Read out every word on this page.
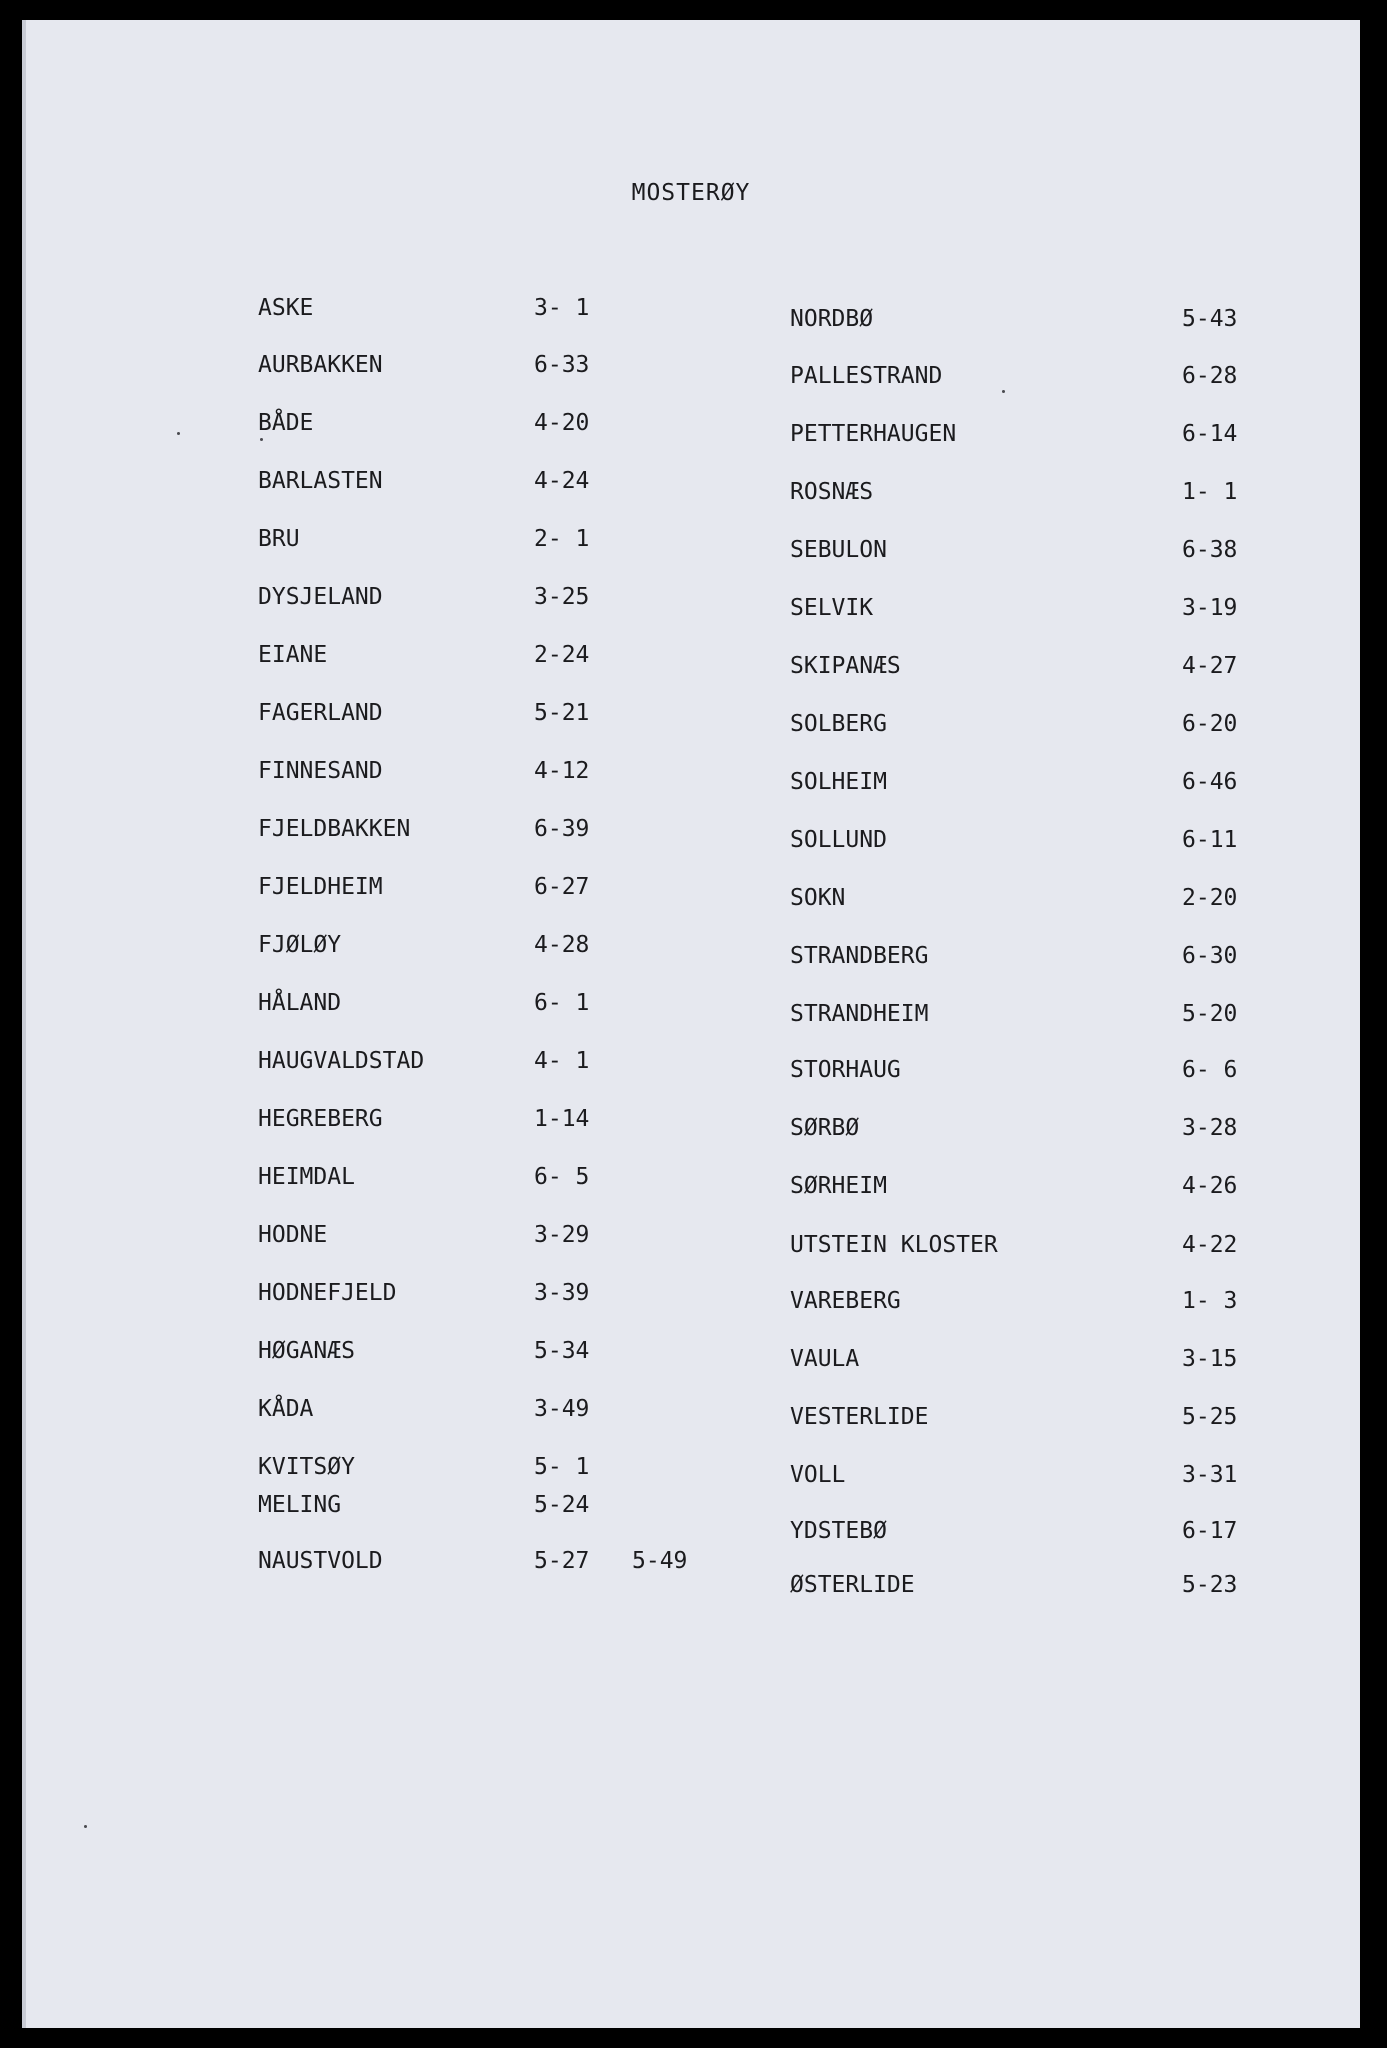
MOSTERØY
ASKE	3- 1
AURBAKKEN	6-33
BÅDE	4-20
BARLASTEN	4-24
BRU	2- 1
DYSJELAND	3-25
EIANE	2-24
FAGERLAND	5-21
FINNESAND	4-12
FJELDBAKKEN	6-39
FJELDHEIM	6-27
FJØLØY	4-28
HÅLAND	6- 1
HAUGVALDSTAD	4- 1
HEGREBERG	1-14
HEIMDAL	6- 5
HODNE	3-29
HODNEFJELD	3-39
HØGANÆS	5-34
KÅDA	3-49
KVITSØY	5- 1
MELING	5-24
NAUSTVOLD	5-27 5-49
NORDBØ	5-43
PALLESTRAND	6-28
PETTERHAUGEN	6-14
ROSNÆS	1- 1
SEBULON	6-38
SELVIK	3-19
SKIPANÆS	4-27
SOLBERG	6-20
SOLHEIM	6-46
SOLLUND	6-11
SOKN	2-20
STRANDBERG	6-30
STRANDHEIM	5-20
STORHAUG	6- 6
SØRBØ	3-28
SØRHEIM	4-26
UTSTEIN KLOSTER	4-22
VAREBERG	1- 3
VAULA	3-15
VESTERLIDE	5-25
VOLL	3-31
YDSTEBØ	6-17
ØSTERLIDE	5-23
